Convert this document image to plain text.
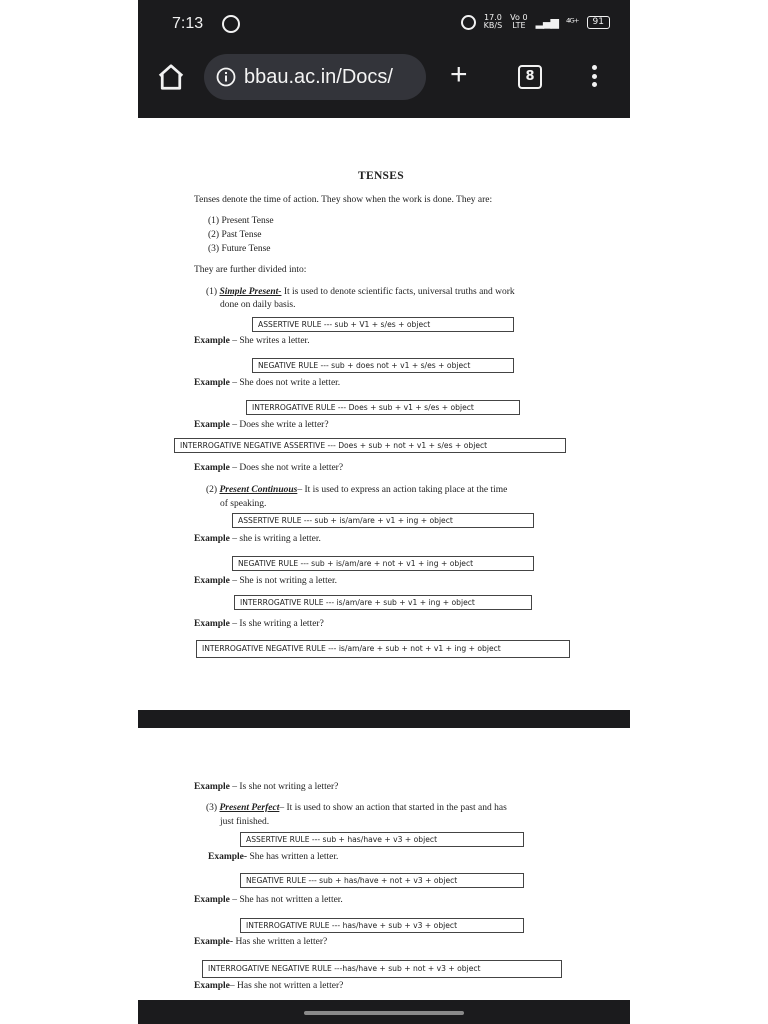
7:13	17.0
KB/S
Vo 0
LTE ▂▄▆ ⁴ᴳ⁺	91
bbau.ac.in/Docs/ +	8
TENSES
Tenses denote the time of action. They show when the work is done. They are:
(1) Present Tense
(2) Past Tense
(3) Future Tense
They are further divided into:
(1) Simple Present- It is used to denote scientific facts, universal truths and work
done on daily basis.
ASSERTIVE RULE --- sub + V1 + s/es + object
Example – She writes a letter.
NEGATIVE RULE --- sub + does not + v1 + s/es + object
Example – She does not write a letter.
INTERROGATIVE RULE --- Does + sub + v1 + s/es + object
Example – Does she write a letter?
INTERROGATIVE NEGATIVE ASSERTIVE --- Does + sub + not + v1 + s/es + object
Example – Does she not write a letter?
(2) Present Continuous– It is used to express an action taking place at the time
of speaking.
ASSERTIVE RULE --- sub + is/am/are + v1 + ing + object
Example – she is writing a letter.
NEGATIVE RULE --- sub + is/am/are + not + v1 + ing + object
Example – She is not writing a letter.
INTERROGATIVE RULE --- is/am/are + sub + v1 + ing + object
Example – Is she writing a letter?
INTERROGATIVE NEGATIVE RULE --- is/am/are + sub + not + v1 + ing + object
Example – Is she not writing a letter?
(3) Present Perfect– It is used to show an action that started in the past and has
just finished.
ASSERTIVE RULE --- sub + has/have + v3 + object
Example- She has written a letter.
NEGATIVE RULE --- sub + has/have + not + v3 + object
Example – She has not written a letter.
INTERROGATIVE RULE --- has/have + sub + v3 + object
Example- Has she written a letter?
INTERROGATIVE NEGATIVE RULE ---has/have + sub + not + v3 + object
Example– Has she not written a letter?
